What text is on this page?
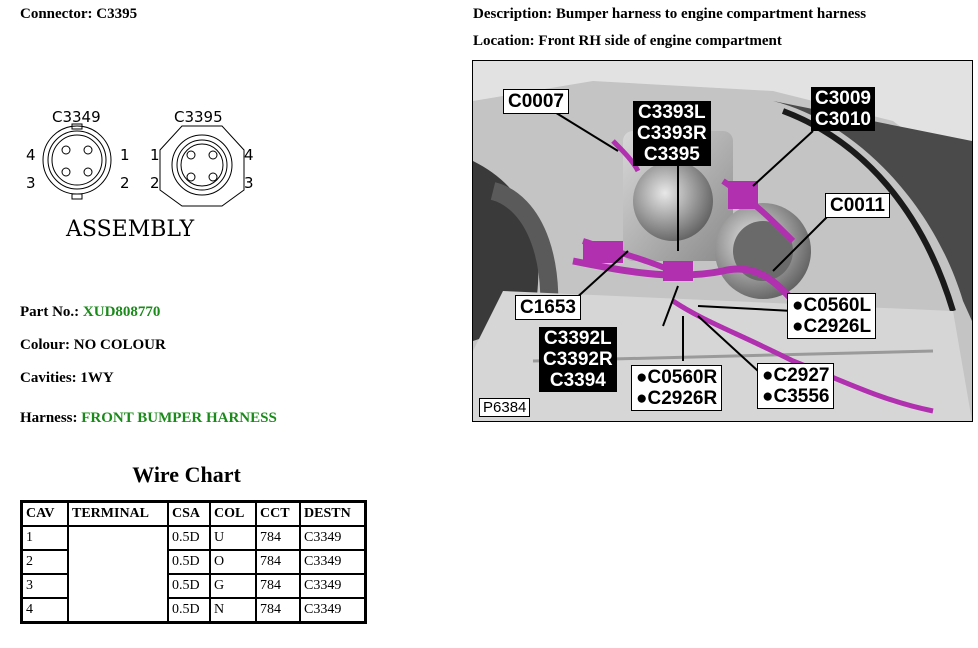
Connector: C3395	Description: Bumper harness to engine compartment harness
Location: Front RH side of engine compartment
C3349
4	1
3	2
C3395
1	4
2	3
ASSEMBLY
Part No.: XUD808770
Colour: NO COLOUR
Cavities: 1WY
Harness: FRONT BUMPER HARNESS
Wire Chart
CAV	TERMINAL	CSA	COL	CCT	DESTN
1		0.5D	U	784	C3349
2		0.5D	O	784	C3349
3		0.5D	G	784	C3349
4		0.5D	N	784	C3349
C0007
C3393L
C3393R
C3395
C3009
C3010
C0011
C1653	●C0560L
●C2926L
C3392L
C3392R
C3394	●C0560R
●C2926R
●C2927
●C3556
P6384
